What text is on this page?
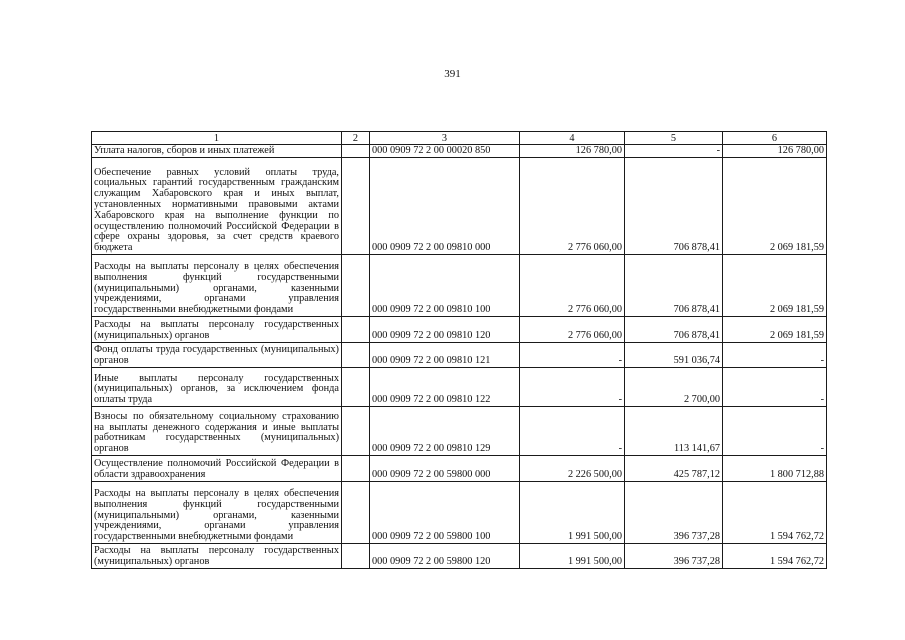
391
1	2	3	4	5	6
Уплата налогов, сборов и иных платежей		000 0909 72 2 00 00020 850	126 780,00	-	126 780,00
Обеспечение равных условий оплаты труда, социальных гарантий государственным гражданским служащим Хабаровского края и иных выплат, установленных нормативными правовыми актами Хабаровского края на выполнение функции по осуществлению полномочий Российской Федерации в сфере охраны здоровья, за счет средств краевого бюджета		000 0909 72 2 00 09810 000	2 776 060,00	706 878,41	2 069 181,59
Расходы на выплаты персоналу в целях обеспечения выполнения функций государственными (муниципальными) органами, казенными учреждениями, органами управления государственными внебюджетными фондами		000 0909 72 2 00 09810 100	2 776 060,00	706 878,41	2 069 181,59
Расходы на выплаты персоналу государственных (муниципальных) органов		000 0909 72 2 00 09810 120	2 776 060,00	706 878,41	2 069 181,59
Фонд оплаты труда государственных (муниципальных) органов		000 0909 72 2 00 09810 121	-	591 036,74	-
Иные выплаты персоналу государственных (муниципальных) органов, за исключением фонда оплаты труда		000 0909 72 2 00 09810 122	-	2 700,00	-
Взносы по обязательному социальному страхованию на выплаты денежного содержания и иные выплаты работникам государственных (муниципальных) органов		000 0909 72 2 00 09810 129	-	113 141,67	-
Осуществление полномочий Российской Федерации в области здравоохранения		000 0909 72 2 00 59800 000	2 226 500,00	425 787,12	1 800 712,88
Расходы на выплаты персоналу в целях обеспечения выполнения функций государственными (муниципальными) органами, казенными учреждениями, органами управления государственными внебюджетными фондами		000 0909 72 2 00 59800 100	1 991 500,00	396 737,28	1 594 762,72
Расходы на выплаты персоналу государственных (муниципальных) органов		000 0909 72 2 00 59800 120	1 991 500,00	396 737,28	1 594 762,72
